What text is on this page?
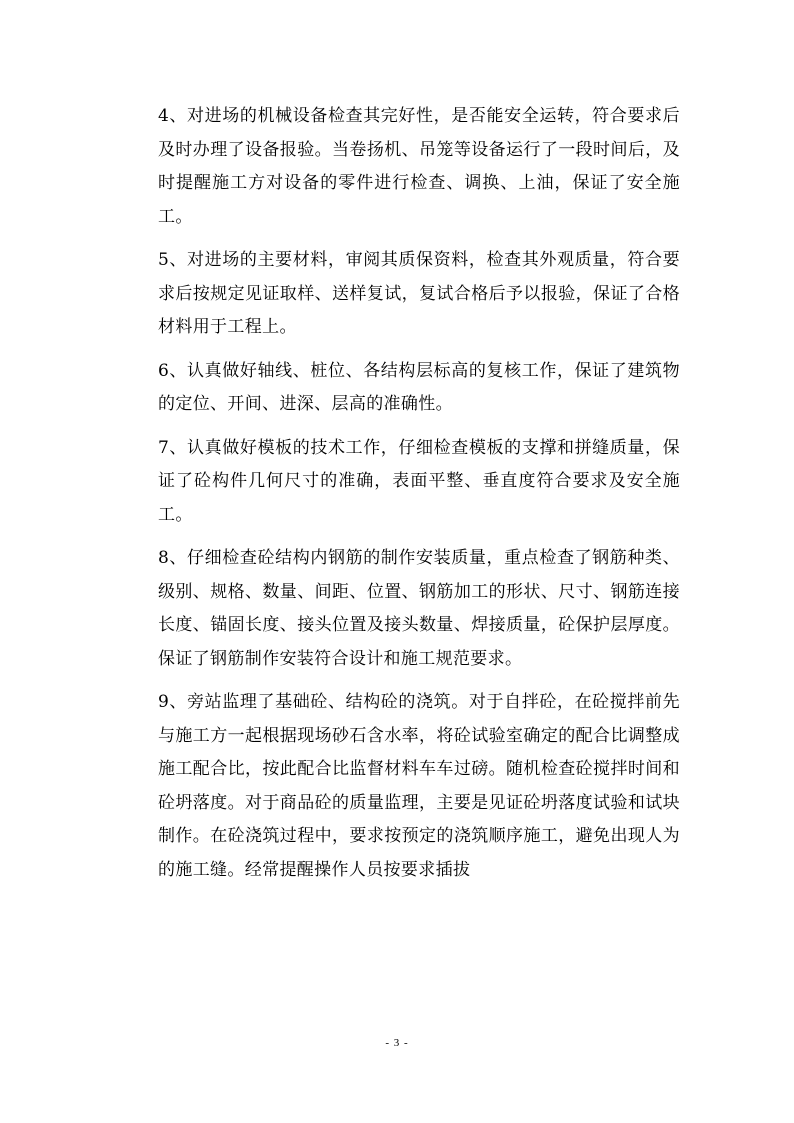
4、对进场的机械设备检查其完好性，是否能安全运转，符合要求后及时办理了设备报验。当卷扬机、吊笼等设备运行了一段时间后，及时提醒施工方对设备的零件进行检查、调换、上油，保证了安全施工。

5、对进场的主要材料，审阅其质保资料，检查其外观质量，符合要求后按规定见证取样、送样复试，复试合格后予以报验，保证了合格材料用于工程上。

6、认真做好轴线、桩位、各结构层标高的复核工作，保证了建筑物的定位、开间、进深、层高的准确性。

7、认真做好模板的技术工作，仔细检查模板的支撑和拼缝质量，保证了砼构件几何尺寸的准确，表面平整、垂直度符合要求及安全施工。

8、仔细检查砼结构内钢筋的制作安装质量，重点检查了钢筋种类、级别、规格、数量、间距、位置、钢筋加工的形状、尺寸、钢筋连接长度、锚固长度、接头位置及接头数量、焊接质量，砼保护层厚度。保证了钢筋制作安装符合设计和施工规范要求。

9、旁站监理了基础砼、结构砼的浇筑。对于自拌砼，在砼搅拌前先与施工方一起根据现场砂石含水率，将砼试验室确定的配合比调整成施工配合比，按此配合比监督材料车车过磅。随机检查砼搅拌时间和砼坍落度。对于商品砼的质量监理，主要是见证砼坍落度试验和试块制作。在砼浇筑过程中，要求按预定的浇筑顺序施工，避免出现人为的施工缝。经常提醒操作人员按要求插拔

- 3 -
